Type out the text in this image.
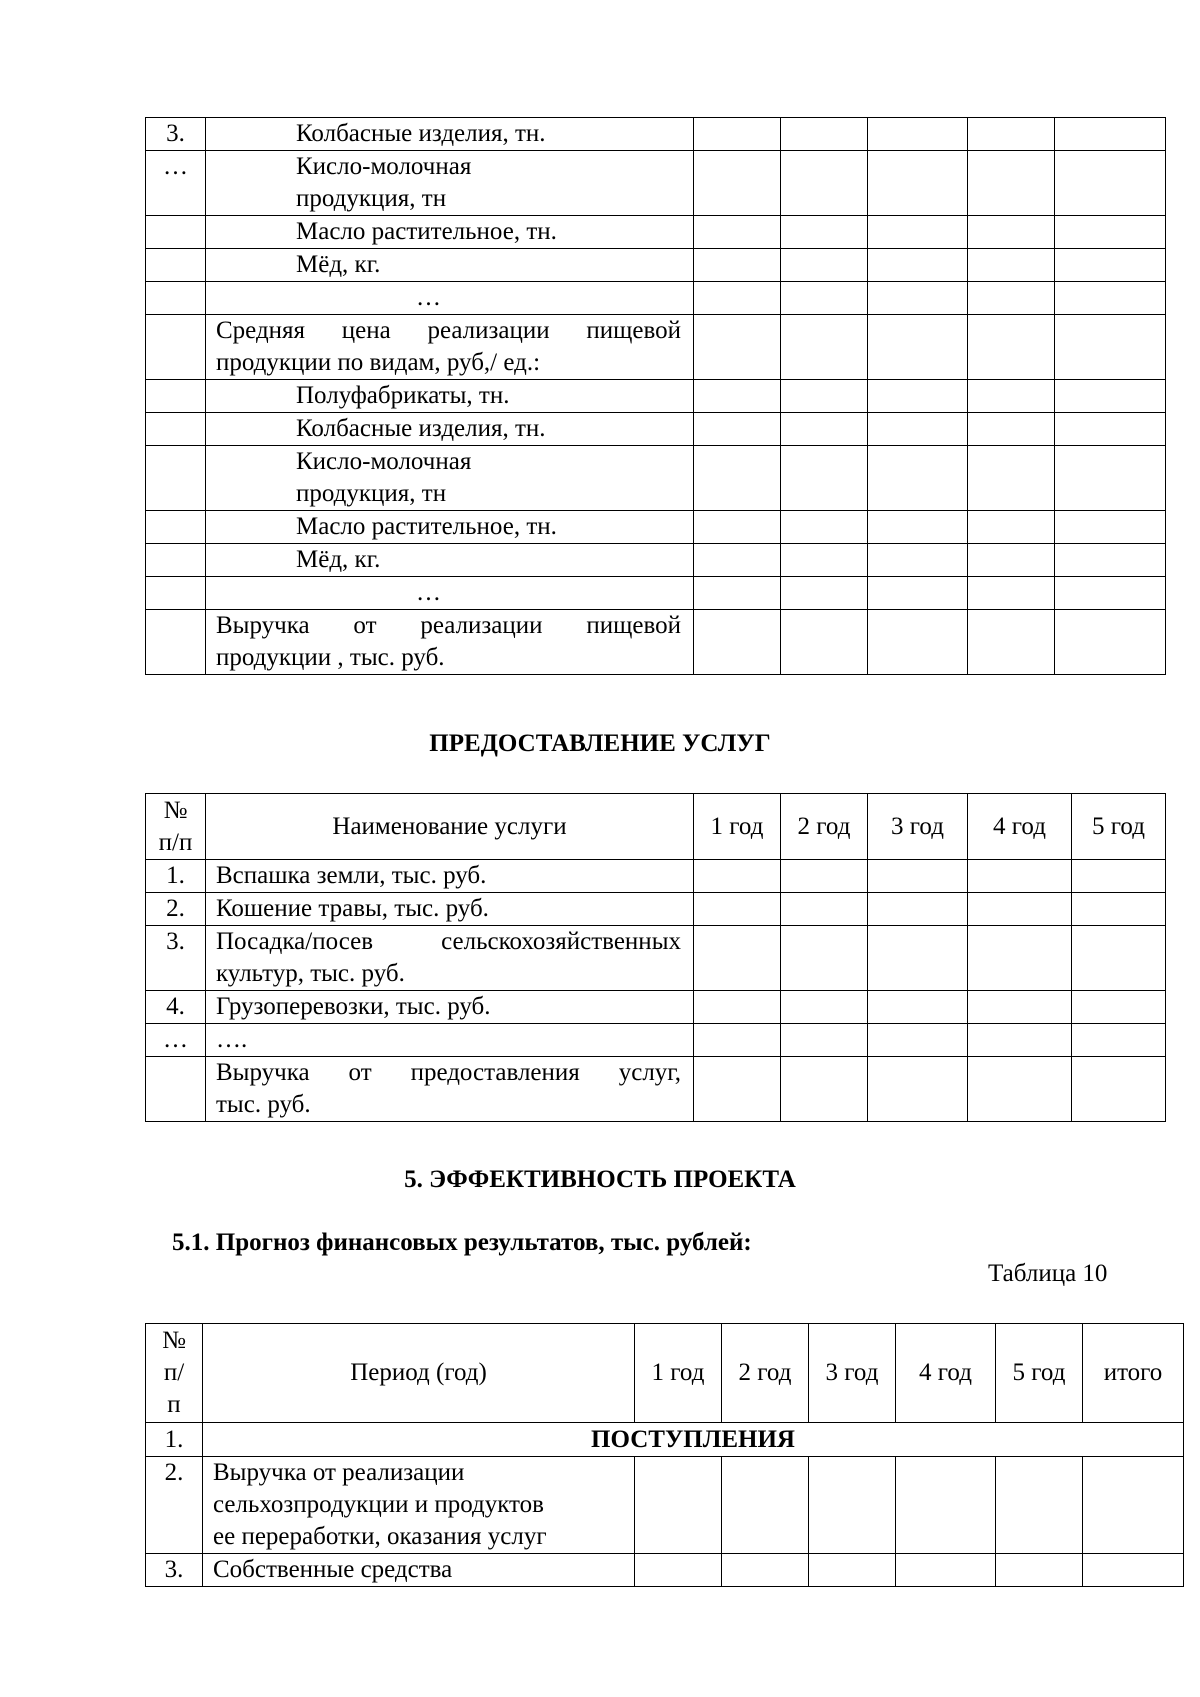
3.	Колбасные изделия, тн.					
…	Кисло-молочная
продукция, тн					

	Масло растительное, тн.					
	Мёд, кг.					
	…					

	Средняя цена реализации пищевой
продукции по видам, руб,/ ед.:					

	Полуфабрикаты, тн.					
	Колбасные изделия, тн.					

	Кисло-молочная
продукция, тн					

	Масло растительное, тн.					
	Мёд, кг.					
	…					

	Выручка от реализации пищевой
продукции , тыс. руб.					

ПРЕДОСТАВЛЕНИЕ УСЛУГ
№
п/п	Наименование услуги	1 год	2 год	3 год	4 год	5 год
1.	Вспашка земли, тыс. руб.					
2.	Кошение травы, тыс. руб.					
3.	Посадка/посев сельскохозяйственных
культур, тыс. руб.					

4.	Грузоперевозки, тыс. руб.					
…	….					

	Выручка от предоставления услуг,
тыс. руб.					

5. ЭФФЕКТИВНОСТЬ ПРОЕКТА
5.1. Прогноз финансовых результатов, тыс. рублей:
Таблица 10
№
п/
п	Период (год)	1 год	2 год	3 год	4 год	5 год	итого
1.	ПОСТУПЛЕНИЯ						
2.	Выручка от реализации
сельхозпродукции и продуктов
ее переработки, оказания услуг						

3.	Собственные средства						
